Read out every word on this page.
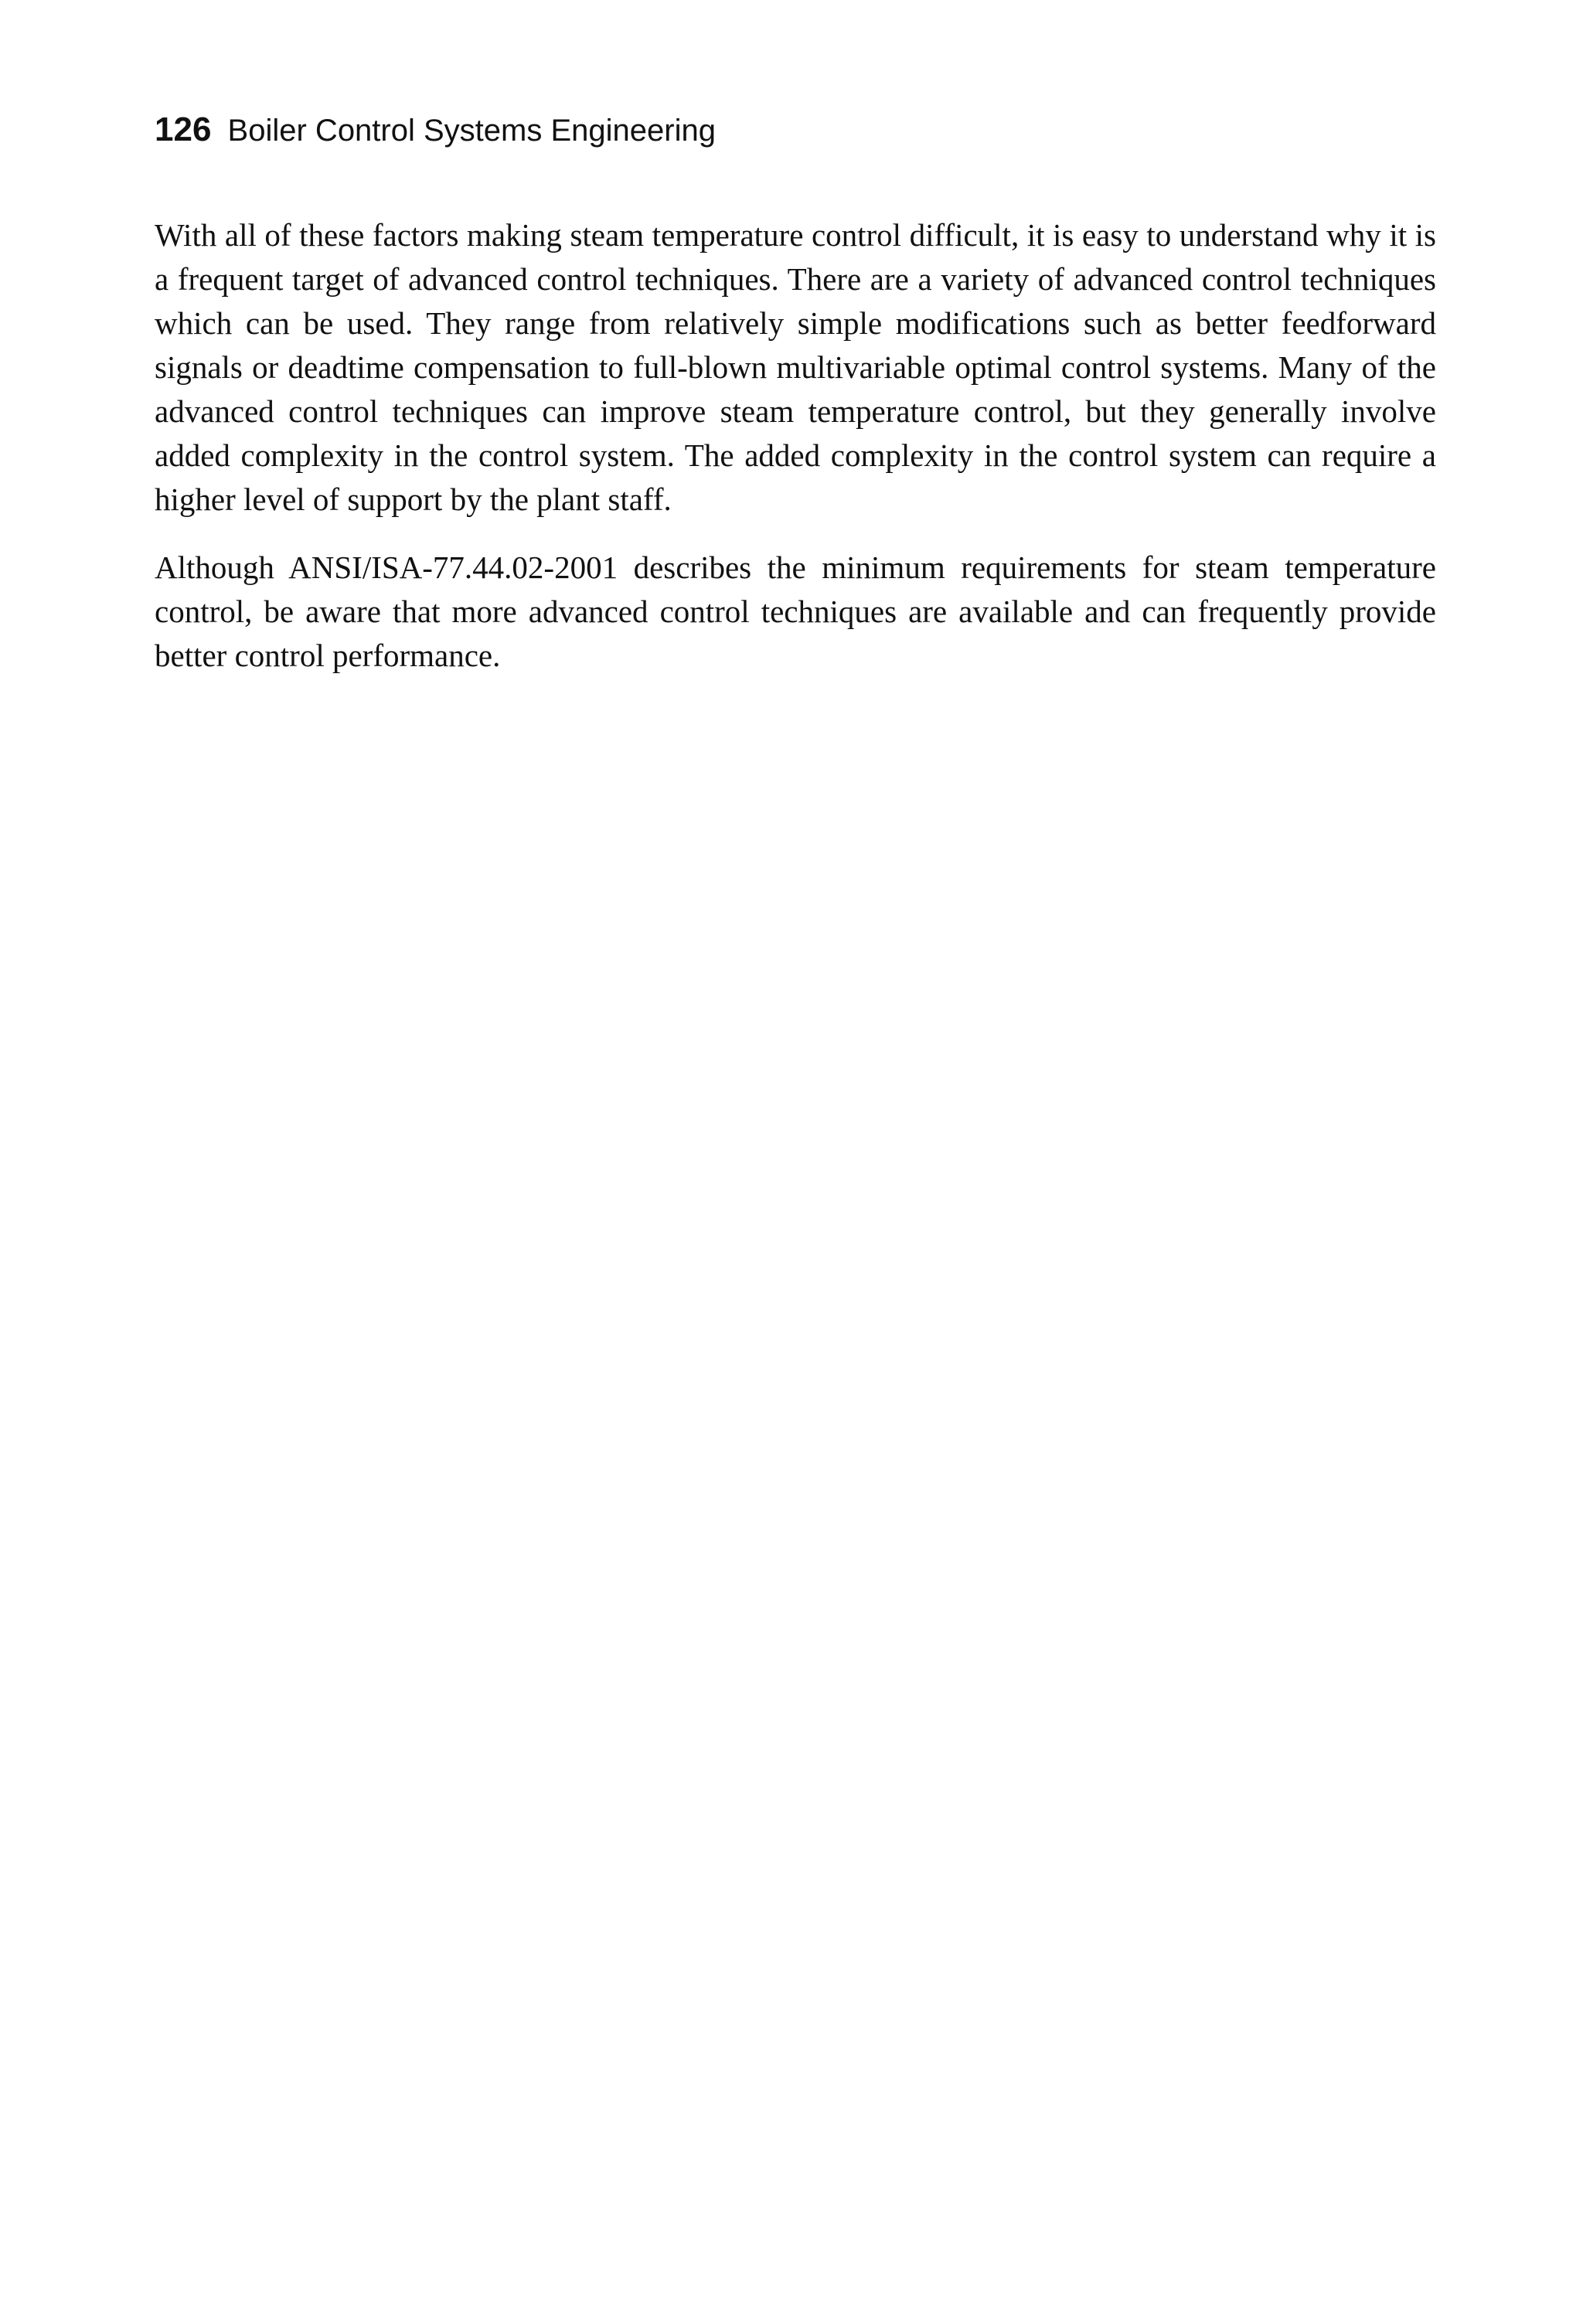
126 Boiler Control Systems Engineering

With all of these factors making steam temperature control difficult, it is easy to understand why it is a frequent target of advanced control techniques. There are a variety of advanced control techniques which can be used. They range from relatively simple modifications such as better feedforward signals or deadtime compensation to full-blown multivariable optimal control systems. Many of the advanced control techniques can improve steam temperature control, but they generally involve added complexity in the control system. The added complexity in the control system can require a higher level of support by the plant staff.

Although ANSI/ISA-77.44.02-2001 describes the minimum requirements for steam temperature control, be aware that more advanced control techniques are available and can frequently provide better control performance.
